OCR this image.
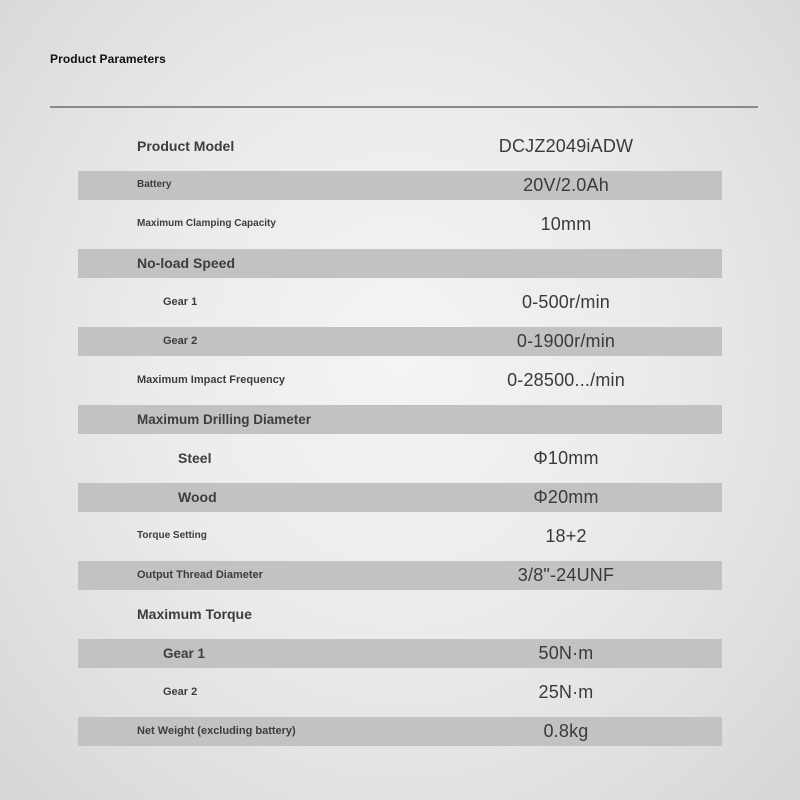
Product Parameters
Product Model	DCJZ2049iADW
Battery	20V/2.0Ah
Maximum Clamping Capacity	10mm
No-load Speed
Gear 1	0-500r/min
Gear 2	0-1900r/min
Maximum Impact Frequency	0-28500.../min
Maximum Drilling Diameter
Steel	Φ10mm
Wood	Φ20mm
Torque Setting	18+2
Output Thread Diameter	3/8"-24UNF
Maximum Torque
Gear 1	50N·m
Gear 2	25N·m
Net Weight (excluding battery)	0.8kg
